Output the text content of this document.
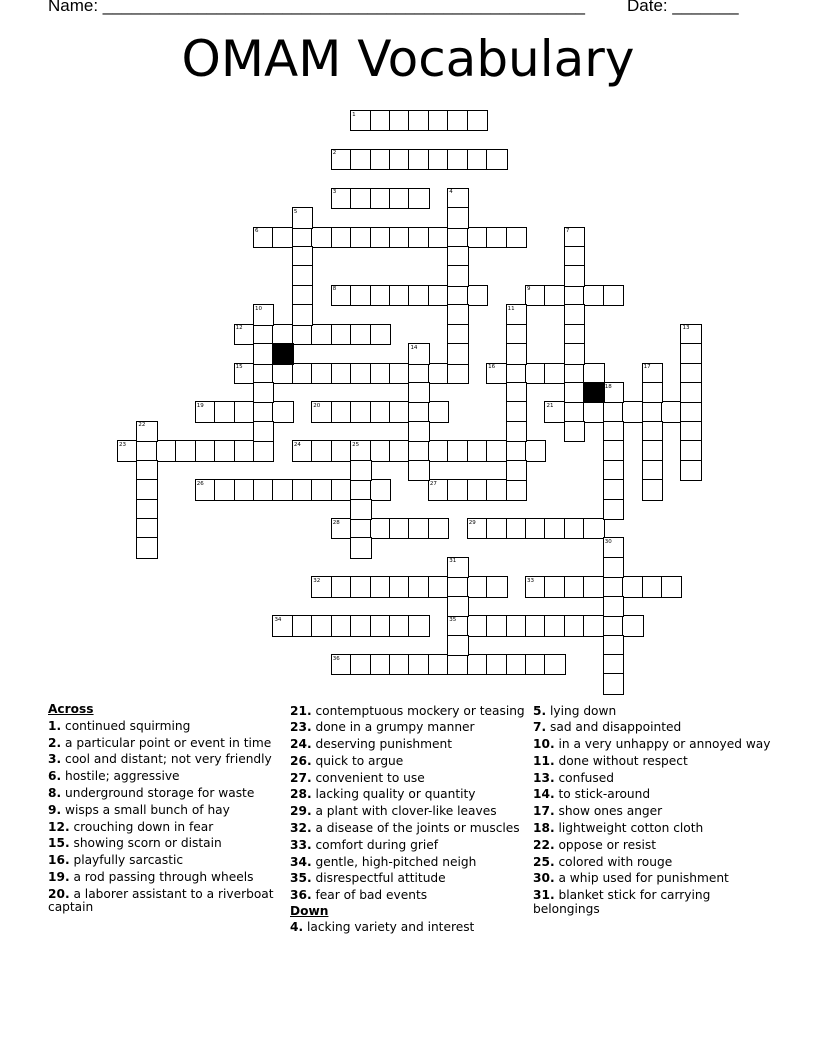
Name: ___________________________________________________ Date: _______
OMAM Vocabulary
1
2
3
6
8	9
12
15	16
19	20	21
23	24
26	27
28	29
32	33
34	35
36
4
5
7
10	11
13
14
17
18
22
25
30
31
Across
1. continued squirming
2. a particular point or event in time
3. cool and distant; not very friendly
6. hostile; aggressive
8. underground storage for waste
9. wisps a small bunch of hay
12. crouching down in fear
15. showing scorn or distain
16. playfully sarcastic
19. a rod passing through wheels
20. a laborer assistant to a riverboat captain
21. contemptuous mockery or teasing
23. done in a grumpy manner
24. deserving punishment
26. quick to argue
27. convenient to use
28. lacking quality or quantity
29. a plant with clover-like leaves
32. a disease of the joints or muscles
33. comfort during grief
34. gentle, high-pitched neigh
35. disrespectful attitude
36. fear of bad events
Down
4. lacking variety and interest
5. lying down
7. sad and disappointed
10. in a very unhappy or annoyed way
11. done without respect
13. confused
14. to stick-around
17. show ones anger
18. lightweight cotton cloth
22. oppose or resist
25. colored with rouge
30. a whip used for punishment
31. blanket stick for carrying belongings
